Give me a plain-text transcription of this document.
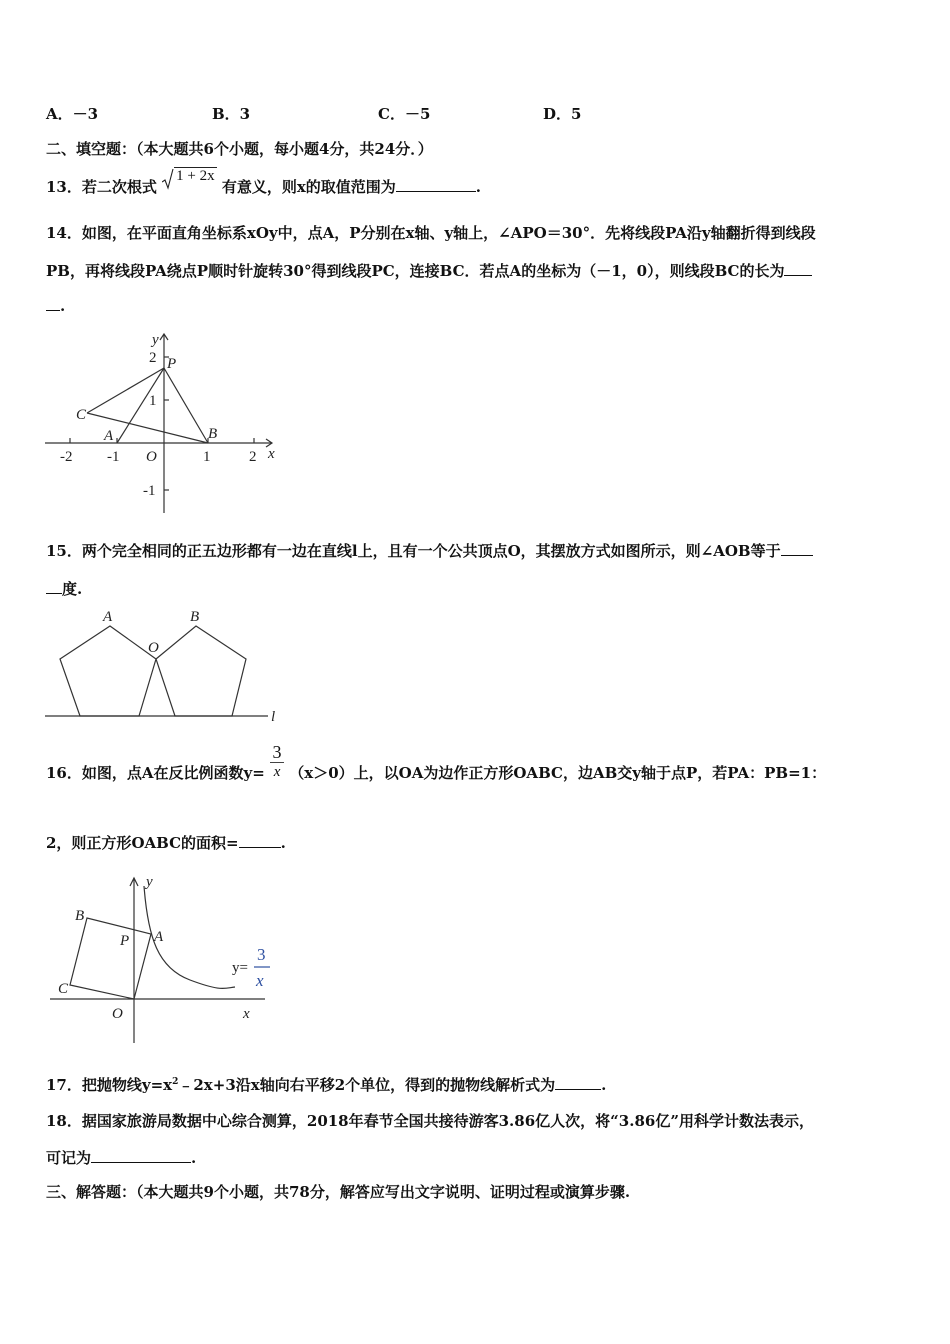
A．－3	B．3	C．－5	D．5
二、填空题：（本大题共6个小题，每小题4分，共24分．）
13．若二次根式 1 + 2x 有意义，则x的取值范围为	.
14．如图，在平面直角坐标系xOy中，点A，P分别在x轴、y轴上，∠APO＝30°．先将线段PA沿y轴翻折得到线段
PB，再将线段PA绕点P顺时针旋转30°得到线段PC，连接BC．若点A的坐标为（－1，0），则线段BC的长为
.
y
x
P
C
A	B
-2 -1 O	1	2
2
1
-1
15．两个完全相同的正五边形都有一边在直线l上，且有一个公共顶点O，其摆放方式如图所示，则∠AOB等于
度.
A
O
B
l
16．如图，点A在反比例函数$y= \frac{3}{x} (x>0)$上，以OA为边作正方形OABC，边AB交y轴于点P，若PA：PB=1：
2，则正方形OABC的面积=	.
y
x
O
A
B
C
P
y=
3
x
17．把抛物线$y=x^2﹣2x+3$沿x轴向右平移2个单位，得到的抛物线解析式为	.
18．据国家旅游局数据中心综合测算，2018年春节全国共接待游客3.86亿人次，将“3.86亿”用科学计数法表示，
可记为	.
三、解答题：（本大题共9个小题，共78分，解答应写出文字说明、证明过程或演算步骤.
